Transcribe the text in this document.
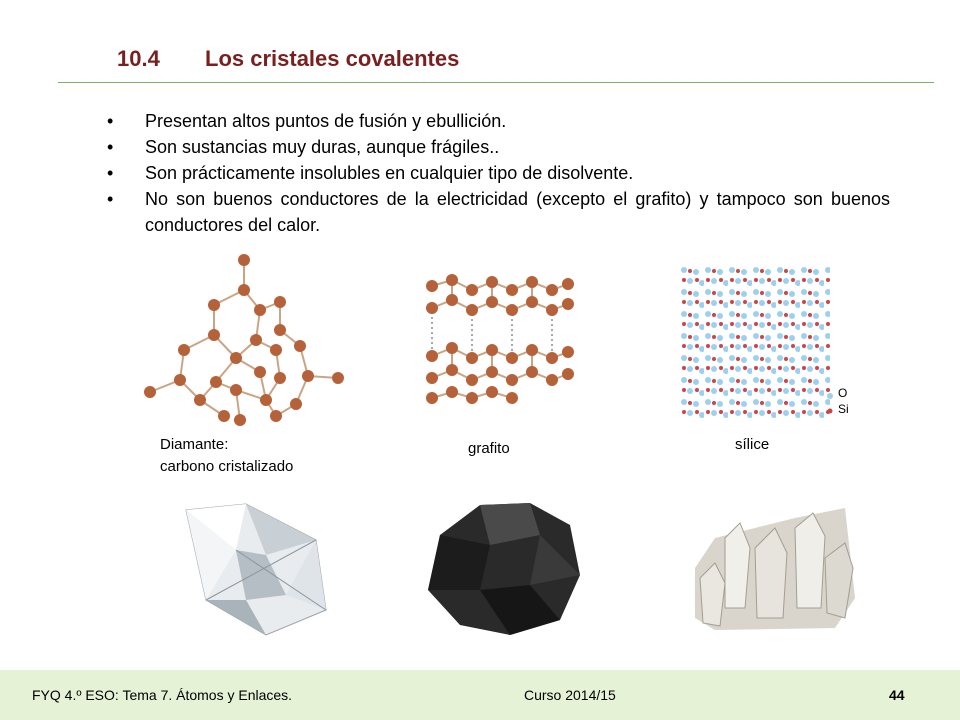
10.4	Los cristales covalentes
• Presentan altos puntos de fusión y ebullición.
• Son sustancias muy duras, aunque frágiles..
• Son prácticamente insolubles en cualquier tipo de disolvente.
• No son buenos conductores de la electricidad (excepto el grafito) y tampoco son buenos conductores del calor.
O
Si
Diamante:
carbono cristalizado
grafito	sílice
FYQ 4.º ESO: Tema 7. Átomos y Enlaces.	Curso 2014/15	44
